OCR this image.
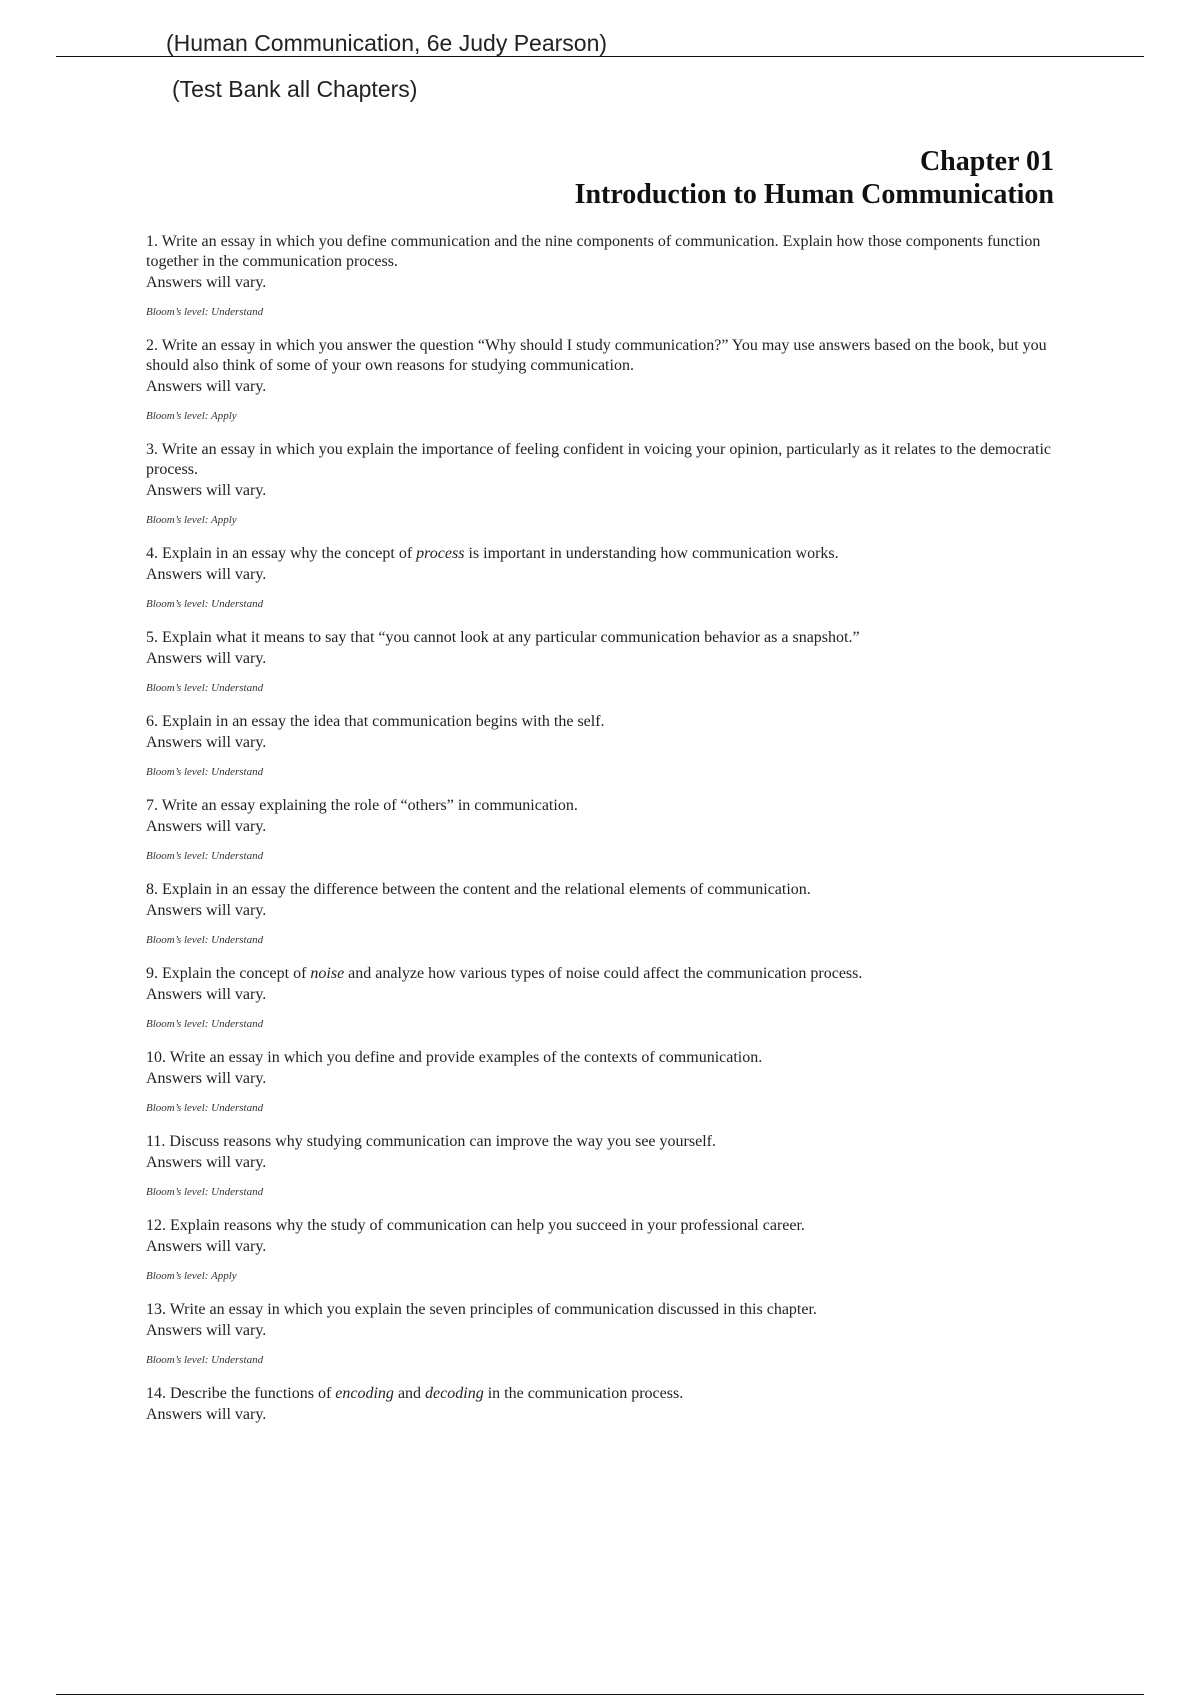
(Human Communication, 6e Judy Pearson)
(Test Bank all Chapters)
Chapter 01
Introduction to Human Communication

1. Write an essay in which you define communication and the nine components of communication. Explain how those components function together in the communication process.

Answers will vary.

Bloom’s level: Understand

2. Write an essay in which you answer the question “Why should I study communication?” You may use answers based on the book, but you should also think of some of your own reasons for studying communication.

Answers will vary.

Bloom’s level: Apply

3. Write an essay in which you explain the importance of feeling confident in voicing your opinion, particularly as it relates to the democratic process.

Answers will vary.

Bloom’s level: Apply

4. Explain in an essay why the concept of process is important in understanding how communication works.

Answers will vary.

Bloom’s level: Understand

5. Explain what it means to say that “you cannot look at any particular communication behavior as a snapshot.”

Answers will vary.

Bloom’s level: Understand

6. Explain in an essay the idea that communication begins with the self.

Answers will vary.

Bloom’s level: Understand

7. Write an essay explaining the role of “others” in communication.

Answers will vary.

Bloom’s level: Understand

8. Explain in an essay the difference between the content and the relational elements of communication.

Answers will vary.

Bloom’s level: Understand

9. Explain the concept of noise and analyze how various types of noise could affect the communication process.

Answers will vary.

Bloom’s level: Understand

10. Write an essay in which you define and provide examples of the contexts of communication.

Answers will vary.

Bloom’s level: Understand

11. Discuss reasons why studying communication can improve the way you see yourself.

Answers will vary.

Bloom’s level: Understand

12. Explain reasons why the study of communication can help you succeed in your professional career.

Answers will vary.

Bloom’s level: Apply

13. Write an essay in which you explain the seven principles of communication discussed in this chapter.

Answers will vary.

Bloom’s level: Understand

14. Describe the functions of encoding and decoding in the communication process.

Answers will vary.
